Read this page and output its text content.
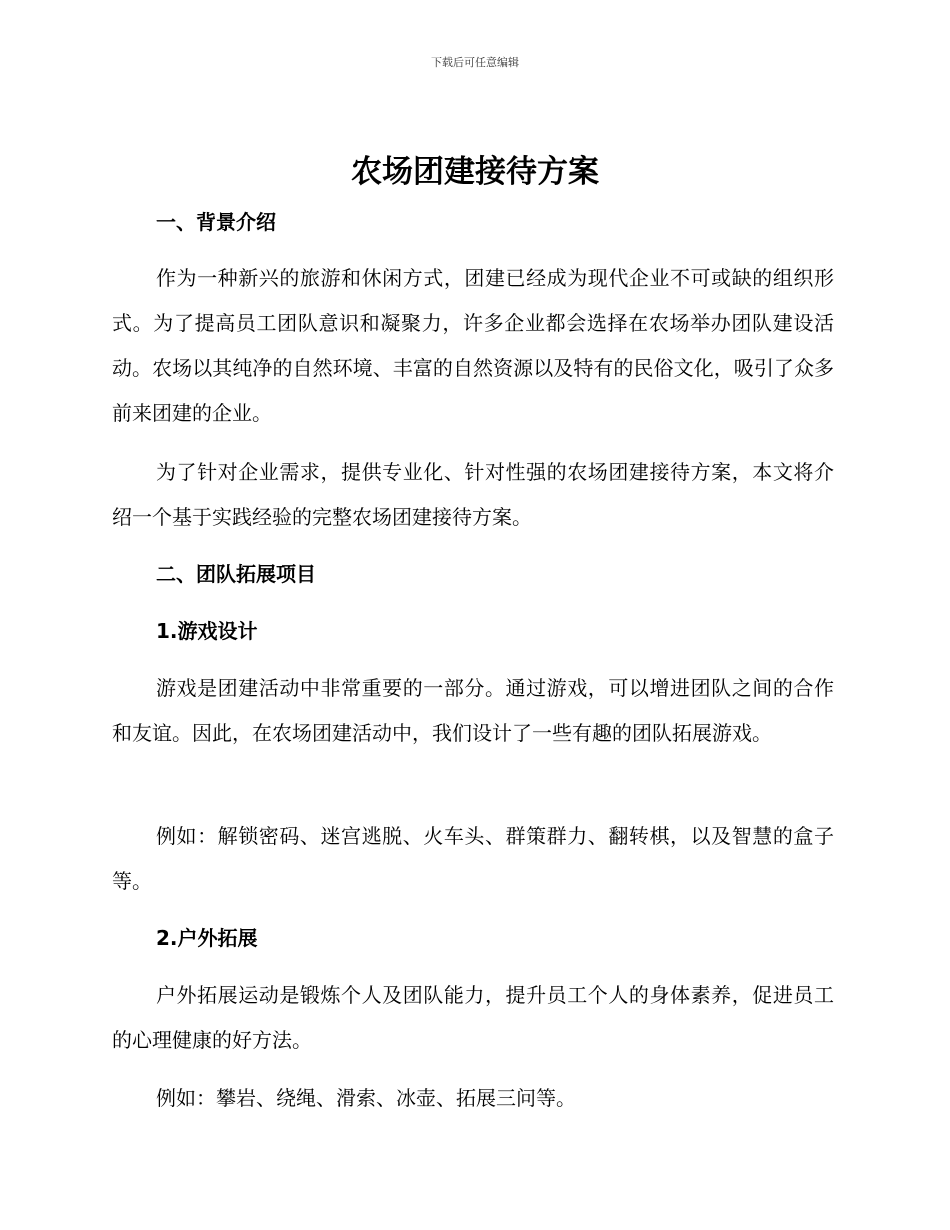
下载后可任意编辑
农场团建接待方案
一、背景介绍
作为一种新兴的旅游和休闲方式，团建已经成为现代企业不可或缺的组织形式。为了提高员工团队意识和凝聚力，许多企业都会选择在农场举办团队建设活动。农场以其纯净的自然环境、丰富的自然资源以及特有的民俗文化，吸引了众多前来团建的企业。
为了针对企业需求，提供专业化、针对性强的农场团建接待方案，本文将介绍一个基于实践经验的完整农场团建接待方案。
二、团队拓展项目
1.游戏设计
游戏是团建活动中非常重要的一部分。通过游戏，可以增进团队之间的合作和友谊。因此，在农场团建活动中，我们设计了一些有趣的团队拓展游戏。
例如：解锁密码、迷宫逃脱、火车头、群策群力、翻转棋，以及智慧的盒子等。
2.户外拓展
户外拓展运动是锻炼个人及团队能力，提升员工个人的身体素养，促进员工的心理健康的好方法。
例如：攀岩、绕绳、滑索、冰壶、拓展三问等。
